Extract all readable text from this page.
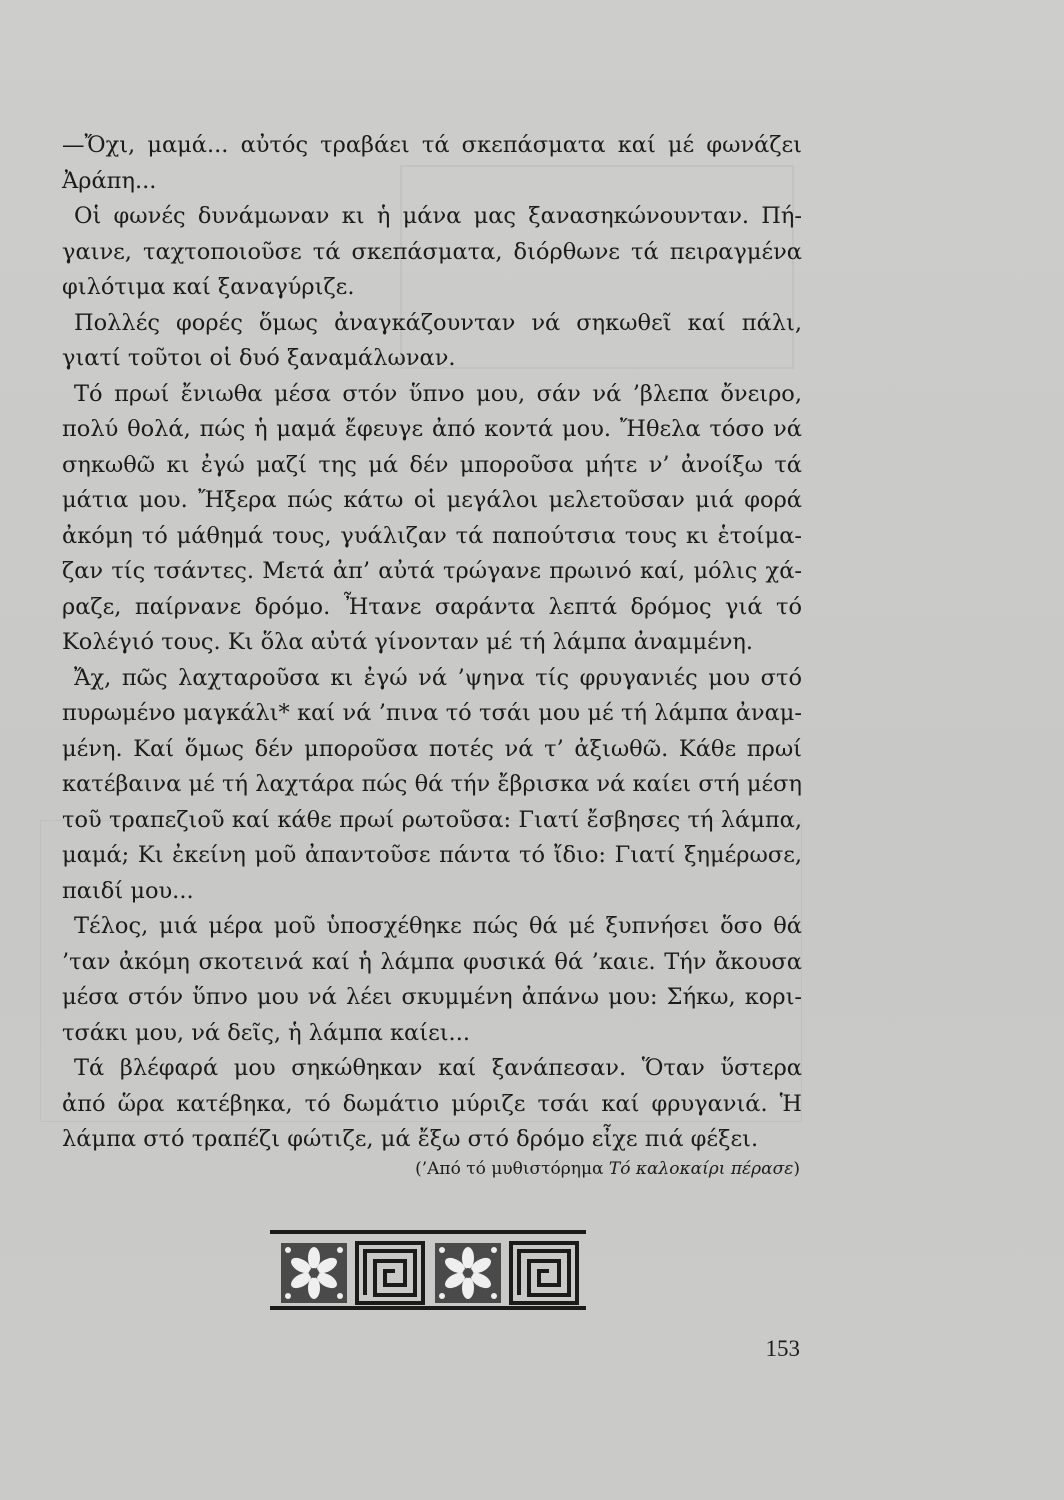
—Ὄχι, μαμά... αὐτός τραβάει τά σκεπάσματα καί μέ φωνάζει
Ἀράπη...
Οἱ φωνές δυνάμωναν κι ἡ μάνα μας ξανασηκώνουνταν. Πή-
γαινε, ταχτοποιοῦσε τά σκεπάσματα, διόρθωνε τά πειραγμένα
φιλότιμα καί ξαναγύριζε.
Πολλές φορές ὅμως ἀναγκάζουνταν νά σηκωθεῖ καί πάλι,
γιατί τοῦτοι οἱ δυό ξαναμάλωναν.
Τό πρωί ἔνιωθα μέσα στόν ὕπνο μου, σάν νά ’βλεπα ὄνειρο,
πολύ θολά, πώς ἡ μαμά ἔφευγε ἀπό κοντά μου. Ἤθελα τόσο νά
σηκωθῶ κι ἐγώ μαζί της μά δέν μποροῦσα μήτε ν’ ἀνοίξω τά
μάτια μου. Ἤξερα πώς κάτω οἱ μεγάλοι μελετοῦσαν μιά φορά
ἀκόμη τό μάθημά τους, γυάλιζαν τά παπούτσια τους κι ἑτοίμα-
ζαν τίς τσάντες. Μετά ἀπ’ αὐτά τρώγανε πρωινό καί, μόλις χά-
ραζε, παίρνανε δρόμο. Ἦτανε σαράντα λεπτά δρόμος γιά τό
Κολέγιό τους. Κι ὅλα αὐτά γίνονταν μέ τή λάμπα ἀναμμένη.
Ἄχ, πῶς λαχταροῦσα κι ἐγώ νά ’ψηνα τίς φρυγανιές μου στό
πυρωμένο μαγκάλι* καί νά ’πινα τό τσάι μου μέ τή λάμπα ἀναμ-
μένη. Καί ὅμως δέν μποροῦσα ποτές νά τ’ ἀξιωθῶ. Κάθε πρωί
κατέβαινα μέ τή λαχτάρα πώς θά τήν ἔβρισκα νά καίει στή μέση
τοῦ τραπεζιοῦ καί κάθε πρωί ρωτοῦσα: Γιατί ἔσβησες τή λάμπα,
μαμά; Κι ἐκείνη μοῦ ἀπαντοῦσε πάντα τό ἴδιο: Γιατί ξημέρωσε,
παιδί μου...
Τέλος, μιά μέρα μοῦ ὑποσχέθηκε πώς θά μέ ξυπνήσει ὅσο θά
’ταν ἀκόμη σκοτεινά καί ἡ λάμπα φυσικά θά ’καιε. Τήν ἄκουσα
μέσα στόν ὕπνο μου νά λέει σκυμμένη ἀπάνω μου: Σήκω, κορι-
τσάκι μου, νά δεῖς, ἡ λάμπα καίει...
Τά βλέφαρά μου σηκώθηκαν καί ξανάπεσαν. Ὅταν ὕστερα
ἀπό ὥρα κατέβηκα, τό δωμάτιο μύριζε τσάι καί φρυγανιά. Ἡ
λάμπα στό τραπέζι φώτιζε, μά ἔξω στό δρόμο εἶχε πιά φέξει.
(’Από τό μυθιστόρημα Τό καλοκαίρι πέρασε)
153
